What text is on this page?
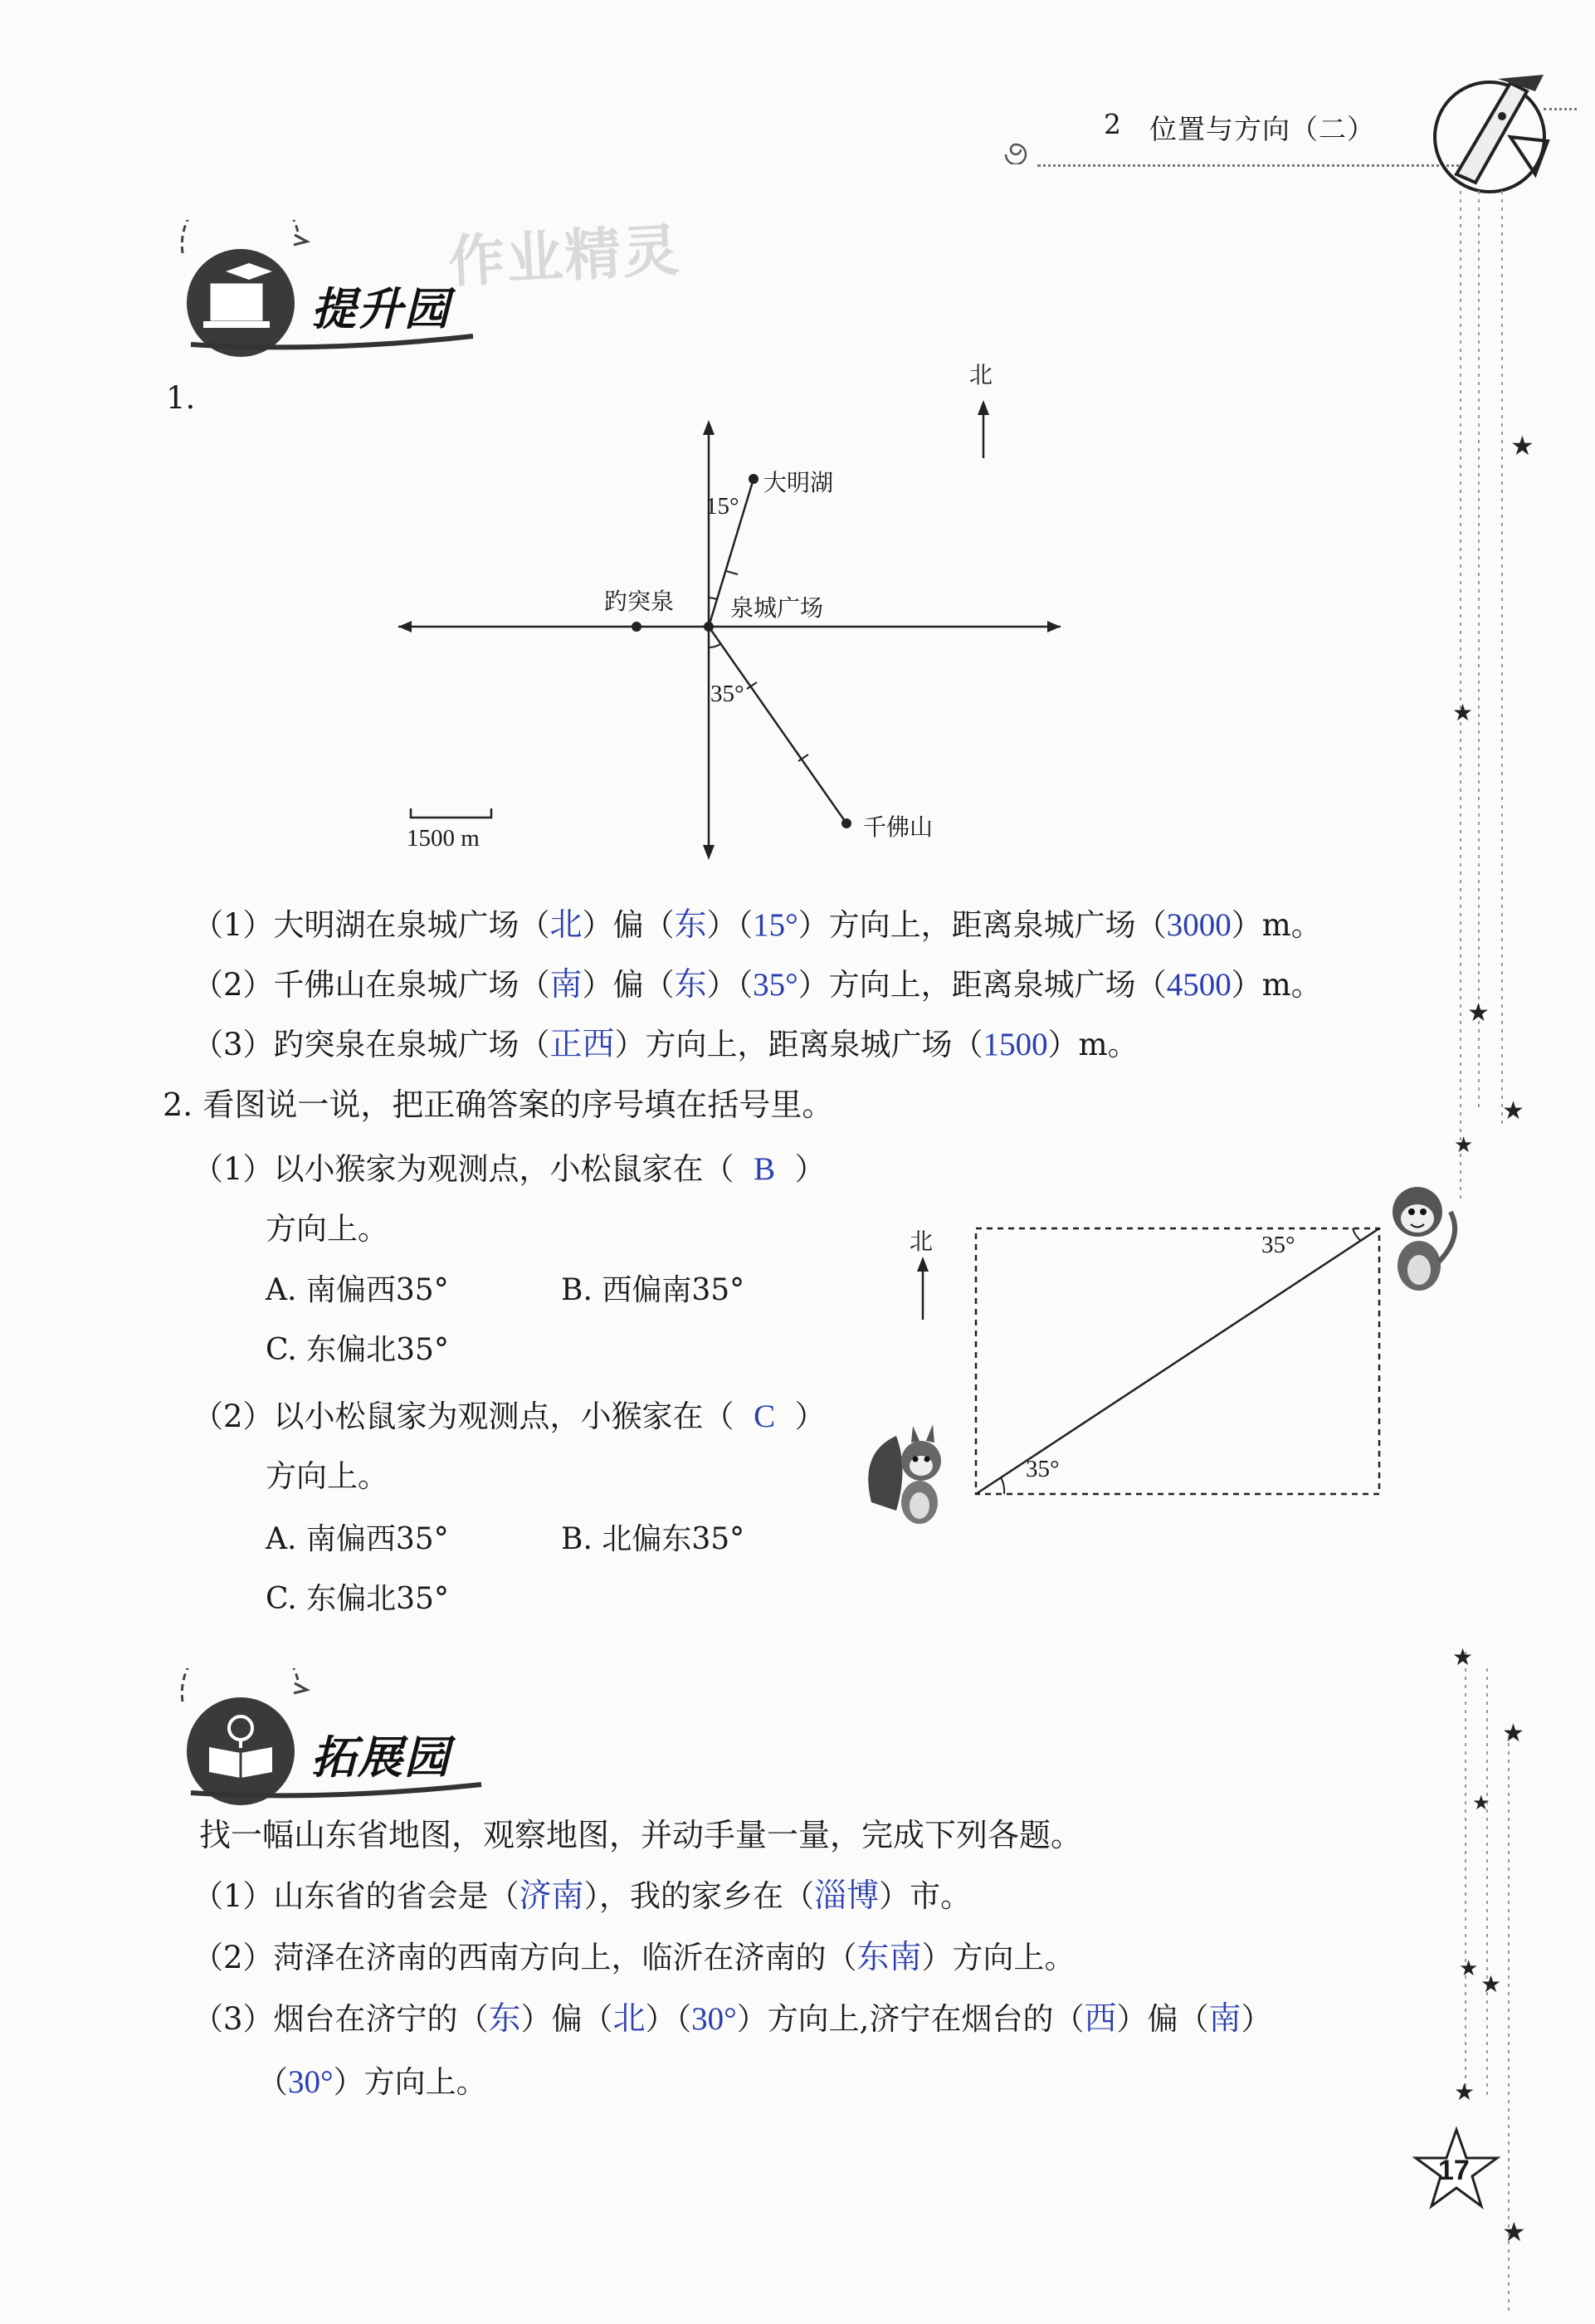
2 位置与方向（二）
★
★
★
★
★
★
★
★
★
★
★
★
作业精灵
提升园
1.
北
大明湖
15°
趵突泉 泉城广场
35°
千佛山
1500 m
（1）大明湖在泉城广场（北）偏（东）（15°）方向上，距离泉城广场（3000）m。
（2）千佛山在泉城广场（南）偏（东）（35°）方向上，距离泉城广场（4500）m。
（3）趵突泉在泉城广场（正西）方向上，距离泉城广场（1500）m。
2. 看图说一说，把正确答案的序号填在括号里。
（1）以小猴家为观测点，小松鼠家在（ B ）
方向上。
A. 南偏西35°	B. 西偏南35°
C. 东偏北35°
（2）以小松鼠家为观测点，小猴家在（ C ）
方向上。
A. 南偏西35°	B. 北偏东35°
C. 东偏北35°
北	35°
35°
拓展园
找一幅山东省地图，观察地图，并动手量一量，完成下列各题。
（1）山东省的省会是（济南），我的家乡在（淄博）市。
（2）菏泽在济南的西南方向上，临沂在济南的（东南）方向上。
（3）烟台在济宁的（东）偏（北）（30°）方向上,济宁在烟台的（西）偏（南）
（30°）方向上。
17
